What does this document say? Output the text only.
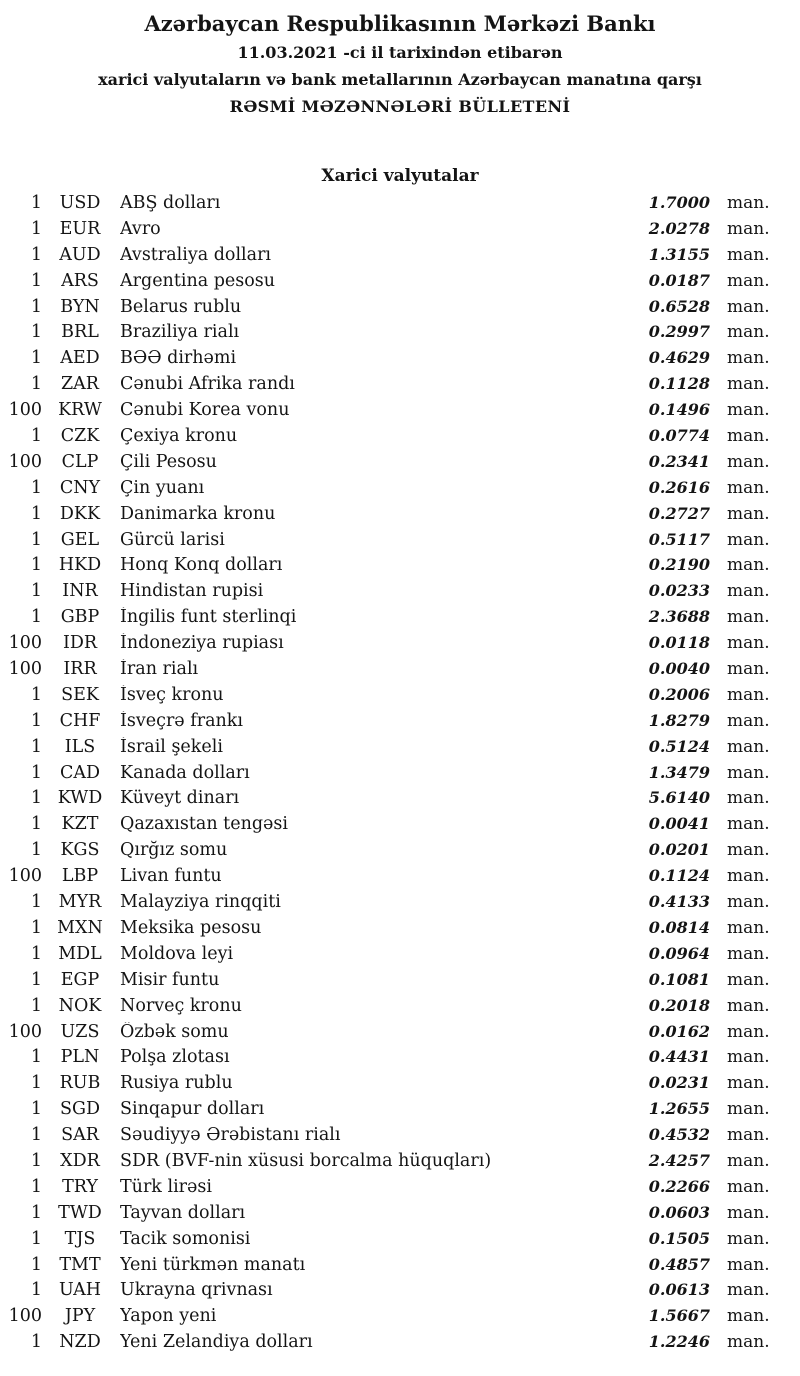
Azərbaycan Respublikasının Mərkəzi Bankı
11.03.2021 -ci il tarixindən etibarən
xarici valyutaların və bank metallarının Azərbaycan manatına qarşı
RƏSMİ MƏZƏNNƏLƏRİ BÜLLETENİ
Xarici valyutalar
1	USD	ABŞ dolları	1.7000 man.
1	EUR	Avro	2.0278 man.
1 AUD	Avstraliya dolları	1.3155 man.
1	ARS	Argentina pesosu	0.0187 man.
1	BYN	Belarus rublu	0.6528 man.
1	BRL	Braziliya rialı	0.2997 man.
1	AED	BƏƏ dirhəmi	0.4629 man.
1	ZAR	Cənubi Afrika randı	0.1128 man.
100 KRW	Cənubi Korea vonu	0.1496 man.
1	CZK	Çexiya kronu	0.0774 man.
100	CLP	Çili Pesosu	0.2341 man.
1	CNY	Çin yuanı	0.2616 man.
1	DKK	Danimarka kronu	0.2727 man.
1	GEL	Gürcü larisi	0.5117 man.
1 HKD	Honq Konq dolları	0.2190 man.
1	INR	Hindistan rupisi	0.0233 man.
1	GBP	İngilis funt sterlinqi	2.3688 man.
100	IDR	İndoneziya rupiası	0.0118 man.
100	IRR	İran rialı	0.0040 man.
1	SEK	İsveç kronu	0.2006 man.
1	CHF	İsveçrə frankı	1.8279 man.
1	ILS	İsrail şekeli	0.5124 man.
1	CAD	Kanada dolları	1.3479 man.
1 KWD	Küveyt dinarı	5.6140 man.
1	KZT	Qazaxıstan tengəsi	0.0041 man.
1	KGS	Qırğız somu	0.0201 man.
100	LBP	Livan funtu	0.1124 man.
1 MYR	Malayziya rinqqiti	0.4133 man.
1 MXN Meksika pesosu	0.0814 man.
1 MDL	Moldova leyi	0.0964 man.
1	EGP	Misir funtu	0.1081 man.
1 NOK	Norveç kronu	0.2018 man.
100	UZS	Özbək somu	0.0162 man.
1	PLN	Polşa zlotası	0.4431 man.
1	RUB	Rusiya rublu	0.0231 man.
1	SGD	Sinqapur dolları	1.2655 man.
1	SAR	Səudiyyə Ərəbistanı rialı	0.4532 man.
1	XDR	SDR (BVF-nin xüsusi borcalma hüquqları)	2.4257 man.
1	TRY	Türk lirəsi	0.2266 man.
1 TWD	Tayvan dolları	0.0603 man.
1	TJS	Tacik somonisi	0.1505 man.
1 TMT	Yeni türkmən manatı	0.4857 man.
1 UAH	Ukrayna qrivnası	0.0613 man.
100	JPY	Yapon yeni	1.5667 man.
1 NZD	Yeni Zelandiya dolları	1.2246 man.
